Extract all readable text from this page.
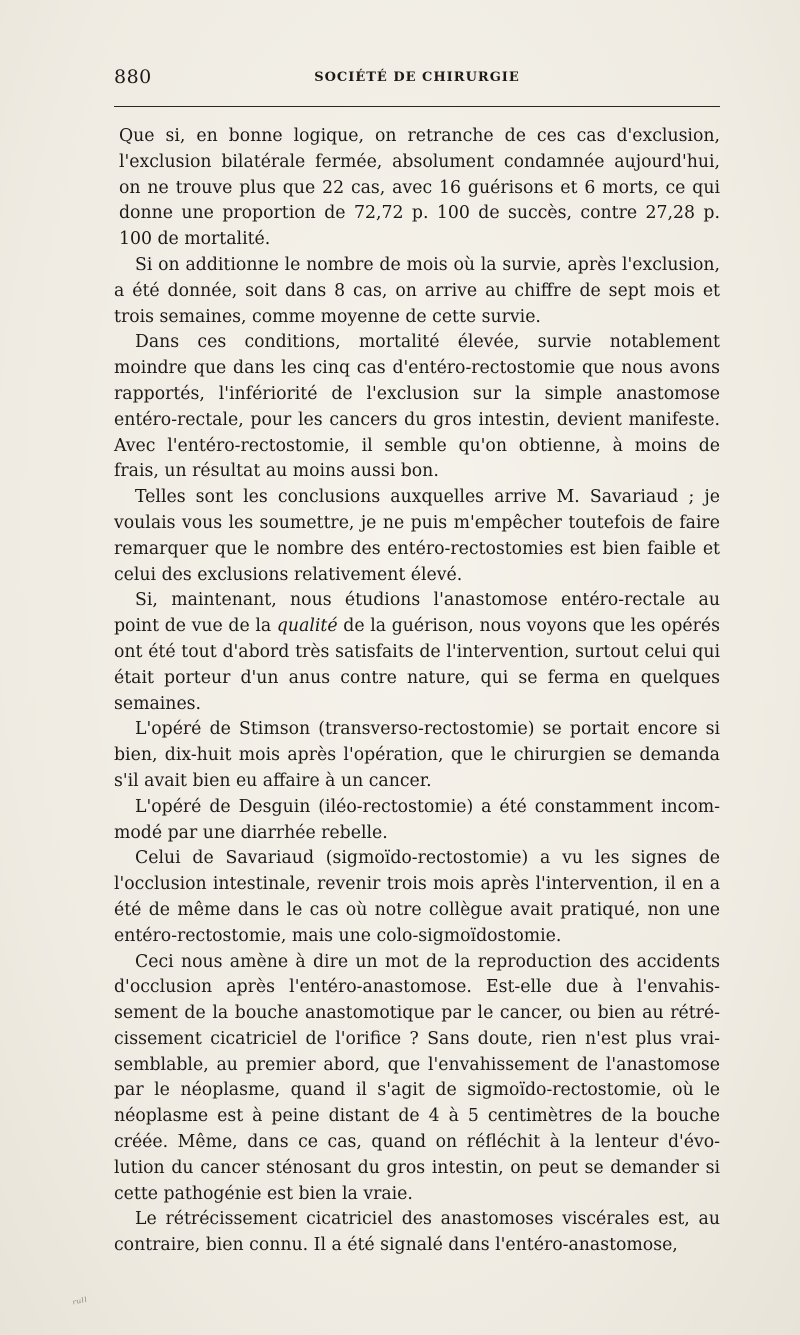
880	SOCIÉTÉ DE CHIRURGIE

Que si, en bonne logique, on retranche de ces cas d'exclusion, l'exclusion bilatérale fermée, absolument condamnée aujourd'hui, on ne trouve plus que 22 cas, avec 16 guérisons et 6 morts, ce qui donne une proportion de 72,72 p. 100 de succès, contre 27,28 p. 100 de mortalité.

Si on additionne le nombre de mois où la survie, après l'exclusion, a été donnée, soit dans 8 cas, on arrive au chiffre de sept mois et trois semaines, comme moyenne de cette survie.

Dans ces conditions, mortalité élevée, survie notablement moindre que dans les cinq cas d'entéro-rectostomie que nous avons rapportés, l'infériorité de l'exclusion sur la simple anastomose entéro-rectale, pour les cancers du gros intestin, devient manifeste. Avec l'entéro-rectostomie, il semble qu'on obtienne, à moins de frais, un résultat au moins aussi bon.

Telles sont les conclusions auxquelles arrive M. Savariaud ; je voulais vous les soumettre, je ne puis m'empêcher toutefois de faire remarquer que le nombre des entéro-rectostomies est bien faible et celui des exclusions relativement élevé.

Si, maintenant, nous étudions l'anastomose entéro-rectale au point de vue de la qualité de la guérison, nous voyons que les opérés ont été tout d'abord très satisfaits de l'intervention, surtout celui qui était porteur d'un anus contre nature, qui se ferma en quelques semaines.

L'opéré de Stimson (transverso-rectostomie) se portait encore si bien, dix-huit mois après l'opération, que le chirurgien se demanda s'il avait bien eu affaire à un cancer.

L'opéré de Desguin (iléo-rectostomie) a été constamment incommodé par une diarrhée rebelle.

Celui de Savariaud (sigmoïdo-rectostomie) a vu les signes de l'occlusion intestinale, revenir trois mois après l'intervention, il en a été de même dans le cas où notre collègue avait pratiqué, non une entéro-rectostomie, mais une colo-sigmoïdostomie.

Ceci nous amène à dire un mot de la reproduction des accidents d'occlusion après l'entéro-anastomose. Est-elle due à l'envahissement de la bouche anastomotique par le cancer, ou bien au rétrécissement cicatriciel de l'orifice ? Sans doute, rien n'est plus vraisemblable, au premier abord, que l'envahissement de l'anastomose par le néoplasme, quand il s'agit de sigmoïdo-rectostomie, où le néoplasme est à peine distant de 4 à 5 centimètres de la bouche créée. Même, dans ce cas, quand on réfléchit à la lenteur d'évolution du cancer sténosant du gros intestin, on peut se demander si cette pathogénie est bien la vraie.

Le rétrécissement cicatriciel des anastomoses viscérales est, au contraire, bien connu. Il a été signalé dans l'entéro-anastomose,

ᵣᵤₗₗ
